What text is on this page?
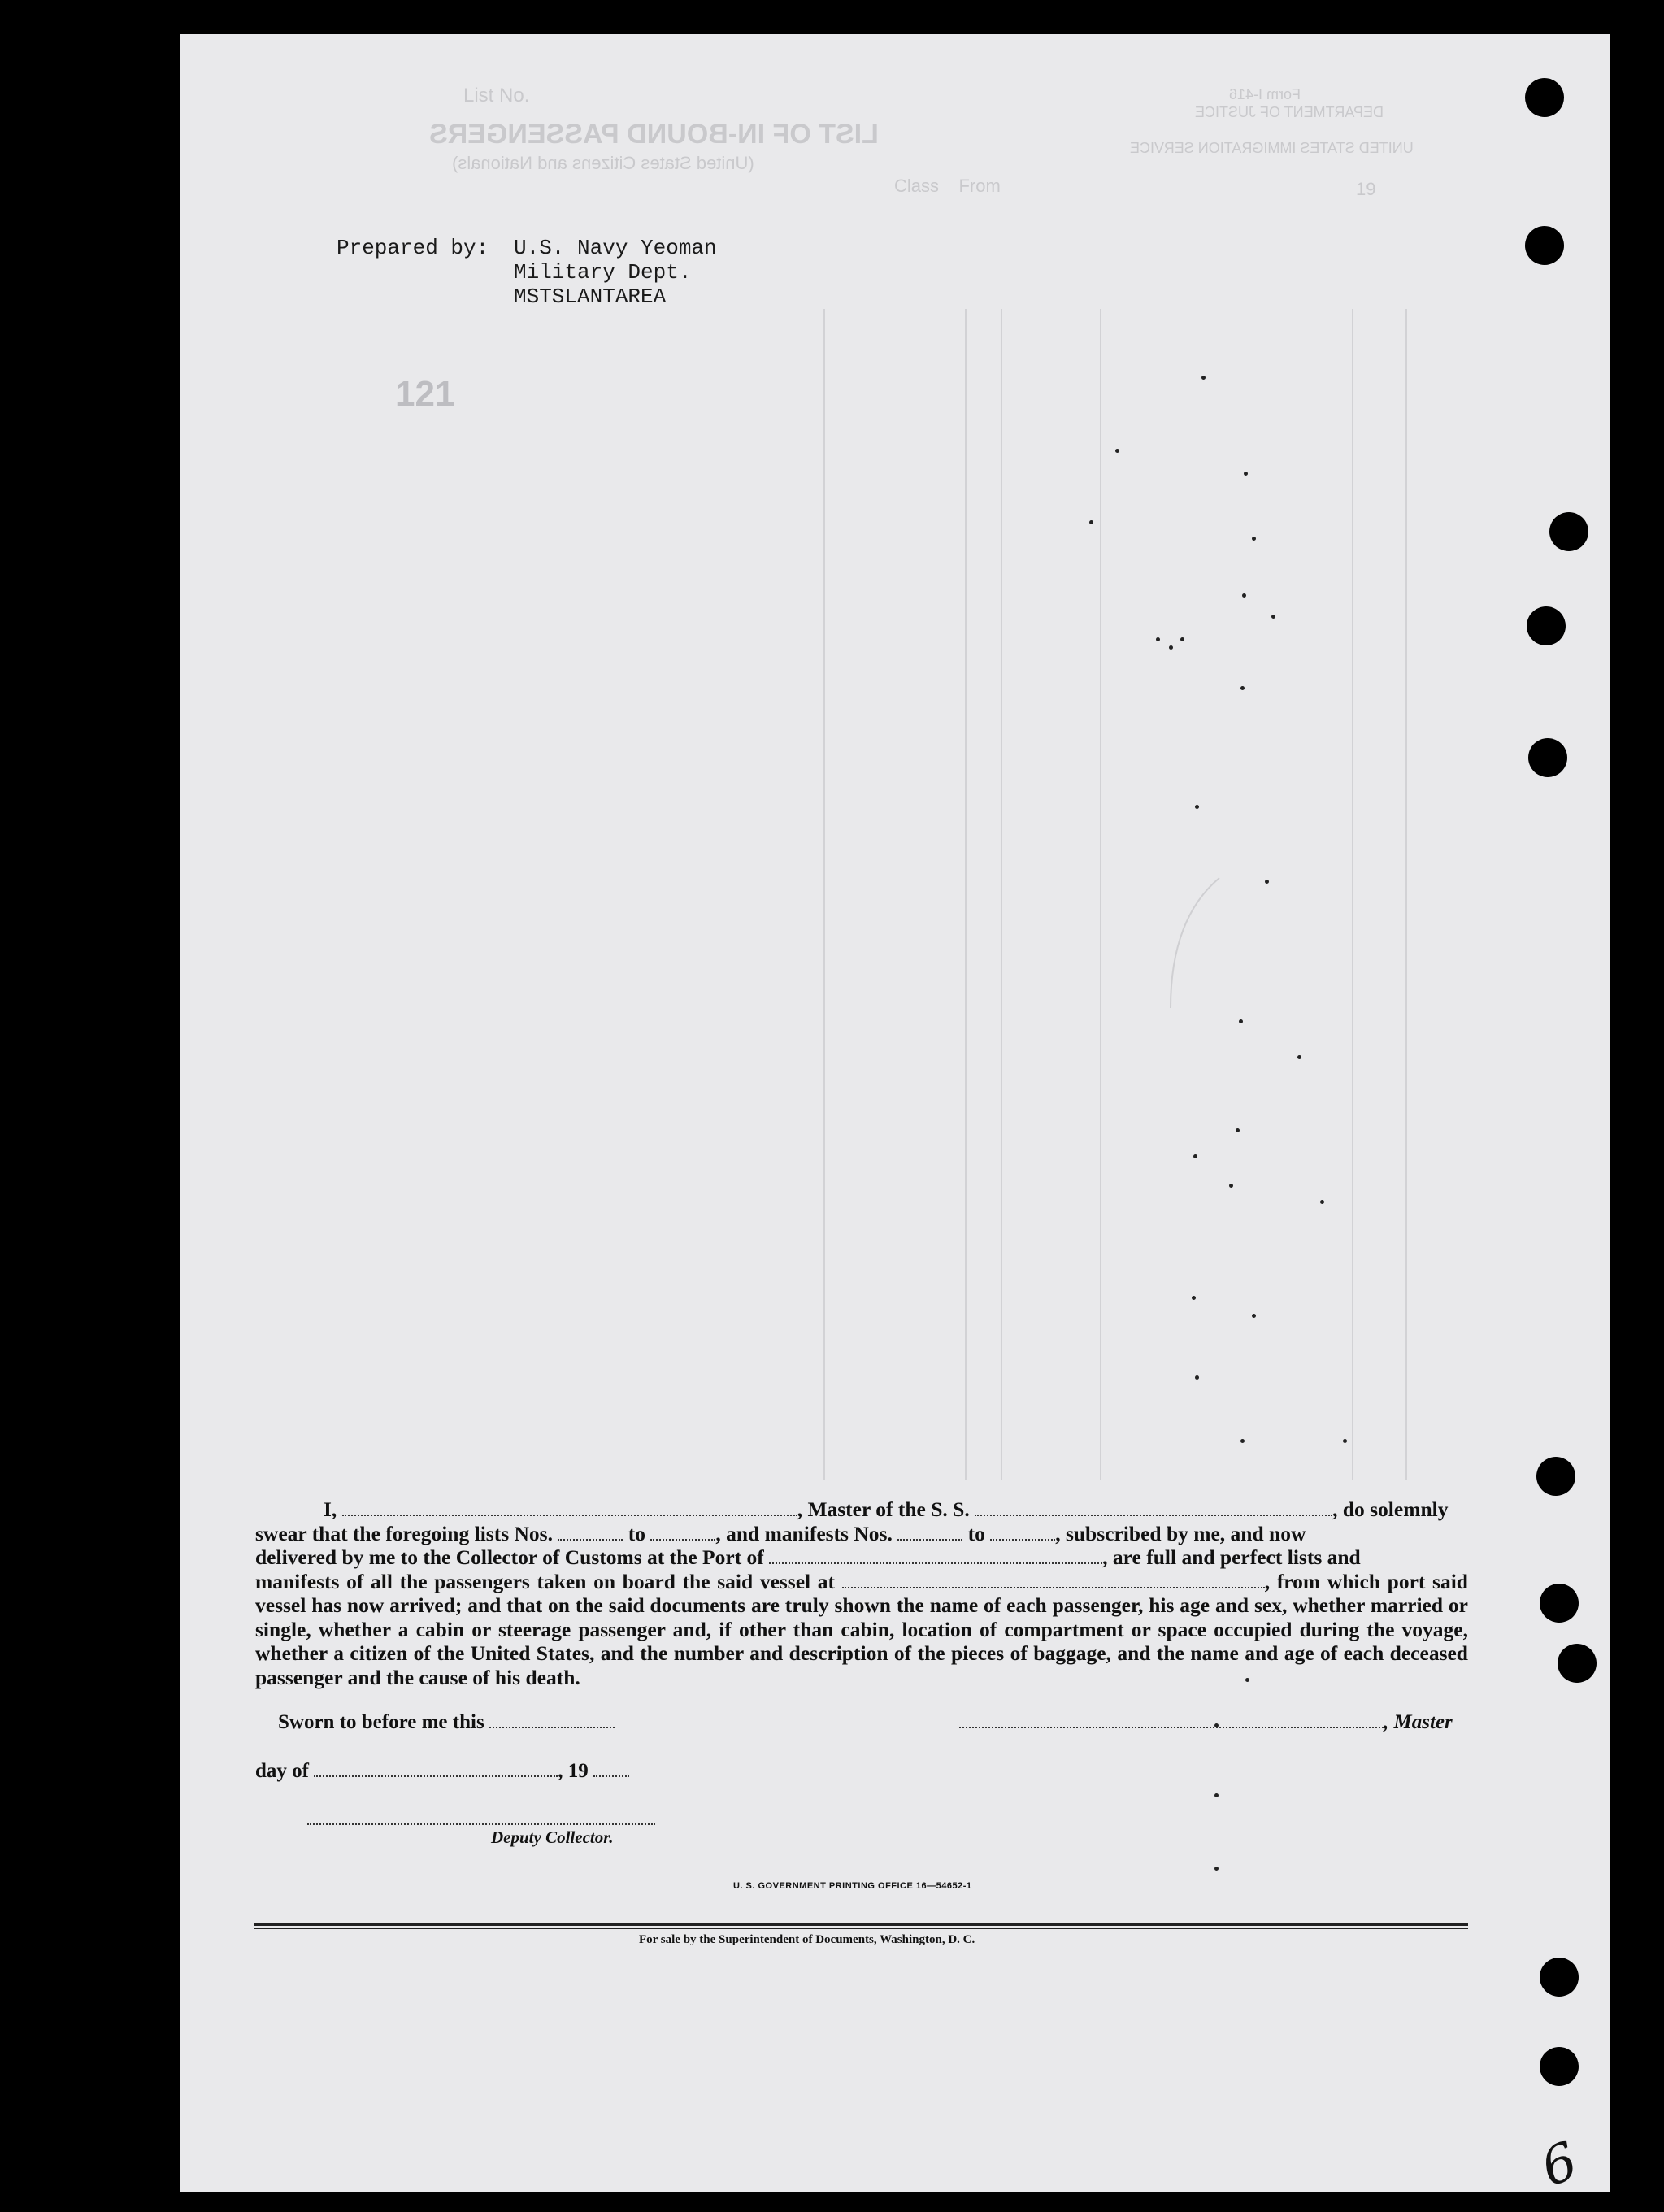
List No.
LIST OF IN-BOUND PASSENGERS
(United States Citizens and Nationals)
Class    From	19
Form I-416
DEPARTMENT OF JUSTICE
UNITED STATES IMMIGRATION SERVICE
121
Prepared by: U.S. Navy Yeoman
Military Dept.
MSTSLANTAREA
I,	, Master of the S. S.	, do solemnly
swear that the foregoing lists Nos.	to	, and manifests Nos.	to	, subscribed by me, and now
delivered by me to the Collector of Customs at the Port of	, are full and perfect lists and
manifests of all the passengers taken on board the said vessel at	, from which port said vessel has now arrived; and that on the said documents are truly shown the name of each passenger, his age and sex, whether married or single, whether a cabin or steerage passenger and, if other than cabin, location of compartment or space occupied during the voyage, whether a citizen of the United States, and the number and description of the pieces of baggage, and the name and age of each deceased passenger and the cause of his death.
Sworn to before me this	, Master
day of	, 19
Deputy Collector.
U. S. GOVERNMENT PRINTING OFFICE 16—54652-1
For sale by the Superintendent of Documents, Washington, D. C.
6
